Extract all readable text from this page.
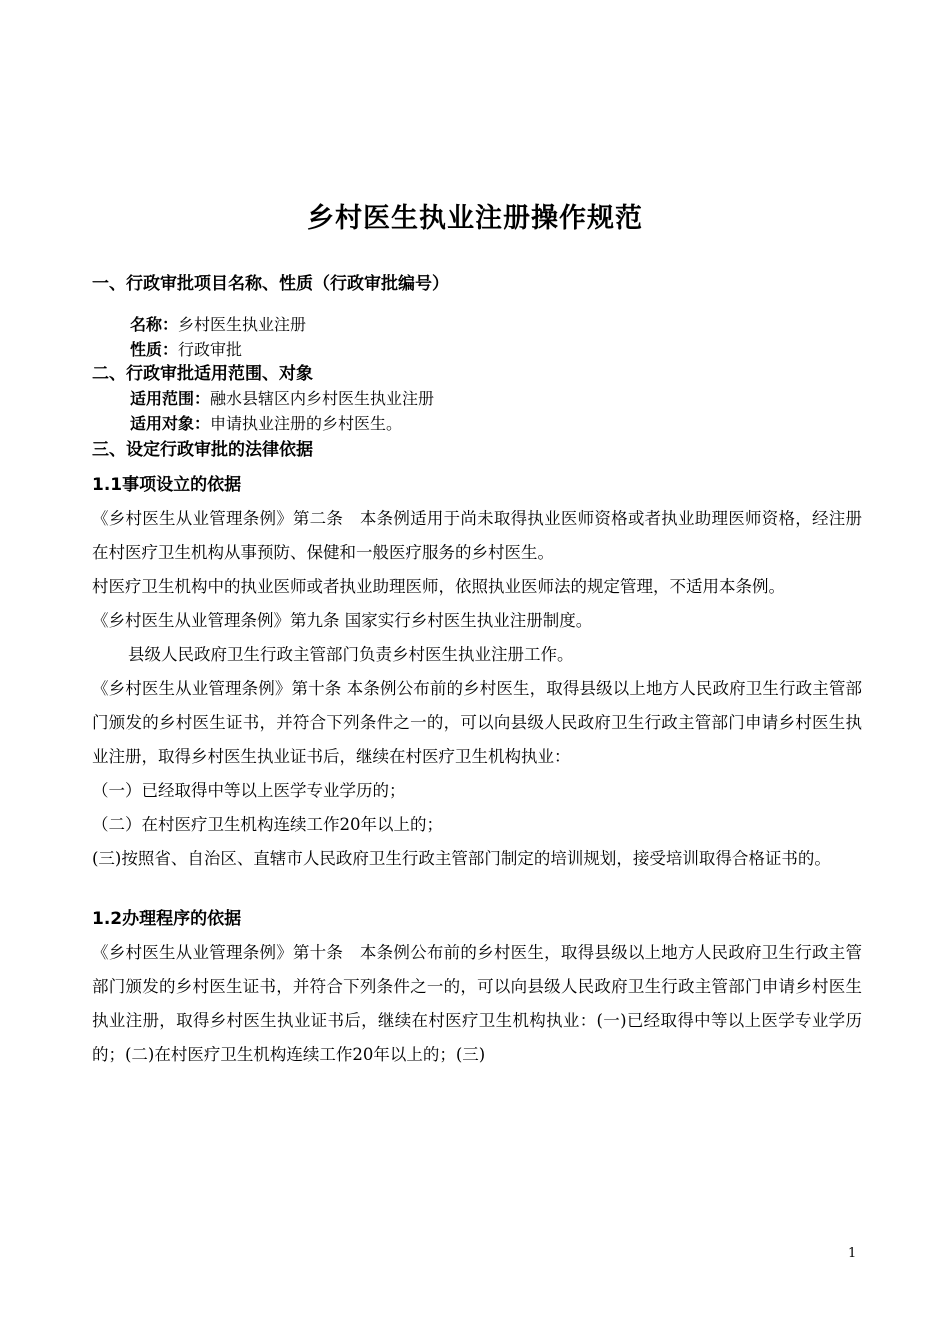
乡村医生执业注册操作规范

一、行政审批项目名称、性质（行政审批编号）

名称：乡村医生执业注册

性质：行政审批

二、行政审批适用范围、对象

适用范围：融水县辖区内乡村医生执业注册

适用对象：申请执业注册的乡村医生。

三、设定行政审批的法律依据

1.1事项设立的依据

《乡村医生从业管理条例》第二条　本条例适用于尚未取得执业医师资格或者执业助理医师资格，经注册在村医疗卫生机构从事预防、保健和一般医疗服务的乡村医生。

村医疗卫生机构中的执业医师或者执业助理医师，依照执业医师法的规定管理，不适用本条例。

《乡村医生从业管理条例》第九条 国家实行乡村医生执业注册制度。

县级人民政府卫生行政主管部门负责乡村医生执业注册工作。

《乡村医生从业管理条例》第十条 本条例公布前的乡村医生，取得县级以上地方人民政府卫生行政主管部门颁发的乡村医生证书，并符合下列条件之一的，可以向县级人民政府卫生行政主管部门申请乡村医生执业注册，取得乡村医生执业证书后，继续在村医疗卫生机构执业：

（一）已经取得中等以上医学专业学历的；

（二）在村医疗卫生机构连续工作20年以上的；

(三)按照省、自治区、直辖市人民政府卫生行政主管部门制定的培训规划，接受培训取得合格证书的。

1.2办理程序的依据

《乡村医生从业管理条例》第十条　本条例公布前的乡村医生，取得县级以上地方人民政府卫生行政主管部门颁发的乡村医生证书，并符合下列条件之一的，可以向县级人民政府卫生行政主管部门申请乡村医生执业注册，取得乡村医生执业证书后，继续在村医疗卫生机构执业：(一)已经取得中等以上医学专业学历的；(二)在村医疗卫生机构连续工作20年以上的；(三)

1
